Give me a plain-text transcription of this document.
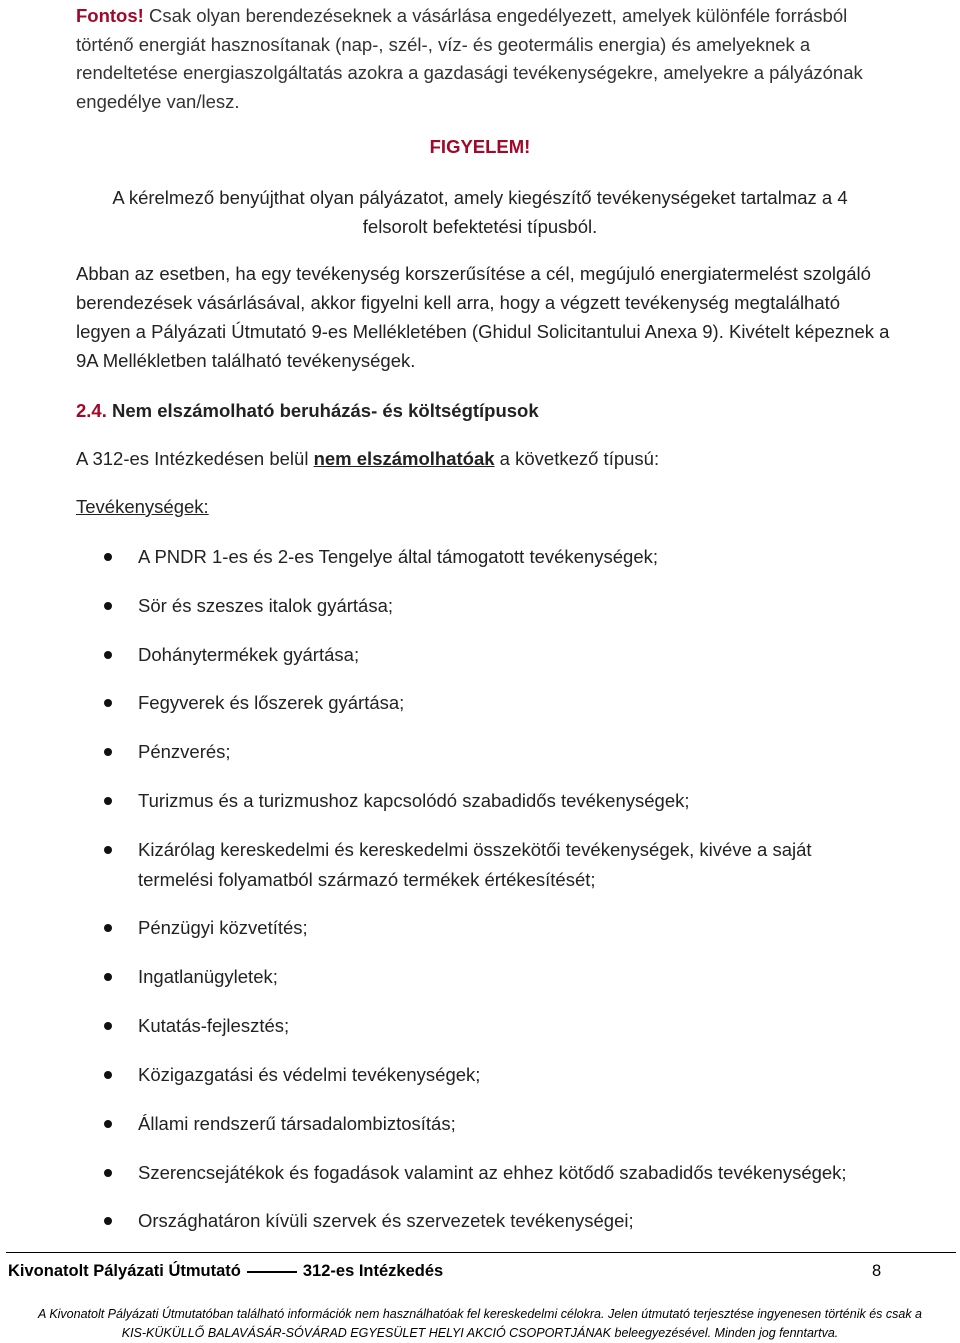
Fontos! Csak olyan berendezéseknek a vásárlása engedélyezett, amelyek különféle forrásból történő energiát hasznosítanak (nap-, szél-, víz- és geotermális energia) és amelyeknek a rendeltetése energiaszolgáltatás azokra a gazdasági tevékenységekre, amelyekre a pályázónak engedélye van/lesz.
FIGYELEM!
A kérelmező benyújthat olyan pályázatot, amely kiegészítő tevékenységeket tartalmaz a 4 felsorolt befektetési típusból.
Abban az esetben, ha egy tevékenység korszerűsítése a cél, megújuló energiatermelést szolgáló berendezések vásárlásával, akkor figyelni kell arra, hogy a végzett tevékenység megtalálható legyen a Pályázati Útmutató 9-es Mellékletében (Ghidul Solicitantului Anexa 9). Kivételt képeznek a 9A Mellékletben található tevékenységek.
2.4. Nem elszámolható beruházás- és költségtípusok
A 312-es Intézkedésen belül nem elszámolhatóak a következő típusú:
Tevékenységek:
A PNDR 1-es és 2-es Tengelye által támogatott tevékenységek;
Sör és szeszes italok gyártása;
Dohánytermékek gyártása;
Fegyverek és lőszerek gyártása;
Pénzverés;
Turizmus és a turizmushoz kapcsolódó szabadidős tevékenységek;
Kizárólag kereskedelmi és kereskedelmi összekötői tevékenységek, kivéve a saját termelési folyamatból származó termékek értékesítését;
Pénzügyi közvetítés;
Ingatlanügyletek;
Kutatás-fejlesztés;
Közigazgatási és védelmi tevékenységek;
Állami rendszerű társadalombiztosítás;
Szerencsejátékok és fogadások valamint az ehhez kötődő szabadidős tevékenységek;
Országhatáron kívüli szervek és szervezetek tevékenységei;
Kivonatolt Pályázati Útmutató	312-es Intézkedés	8
A Kivonatolt Pályázati Útmutatóban található információk nem használhatóak fel kereskedelmi célokra. Jelen útmutató terjesztése ingyenesen történik és csak a
KIS-KÜKÜLLŐ BALAVÁSÁR-SÓVÁRAD EGYESÜLET HELYI AKCIÓ CSOPORTJÁNAK beleegyezésével. Minden jog fenntartva.
